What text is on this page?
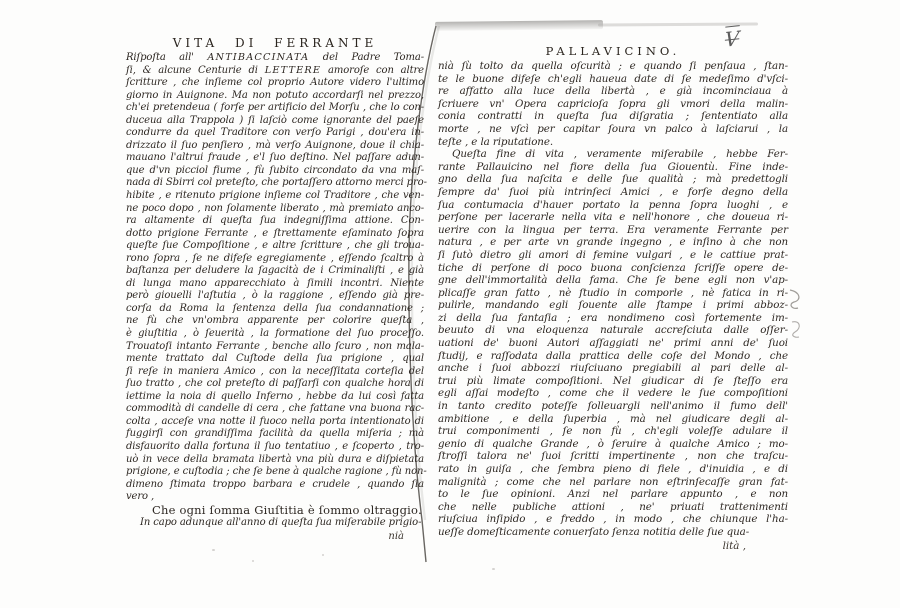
V
VITA DI FERRANTE
Riſpoſta all' ANTIBACCINATA del Padre Toma-
ſi, & alcune Centurie di LETTERE amoroſe con altre
ſcritture , che inſieme col proprio Autore videro l'ultimo
giorno in Auignone. Ma non potuto accordarſi nel prezzo,
ch'ei pretendeua ( forſe per artificio del Morſu , che lo con-
duceua alla Trappola ) ſi laſciò come ignorante del paeſe
condurre da quel Traditore con verſo Parigi , dou'era in-
drizzato il ſuo penſiero , mà verſo Auignone, doue il chia-
mauano l'altrui fraude , e'l ſuo deſtino. Nel paſſare adun-
que d'vn picciol fiume , fù ſubito circondato da vna maſ-
nada di Sbirri col preteſto, che portaſſero attorno merci pro-
hibite , e ritenuto prigione inſieme col Traditore , che ven-
ne poco dopo , non ſolamente liberato , mà premiato anco-
ra altamente di queſta ſua indegniſſima attione. Con-
dotto prigione Ferrante , e ſtrettamente eſaminato ſopra
queſte ſue Compoſitione , e altre ſcritture , che gli troua-
rono ſopra , ſe ne difeſe egregiamente , eſſendo ſcaltro à
baſtanza per deludere la ſagacità de i Criminaliſti , e già
di lunga mano apparecchiato à ſimili incontri. Niente
però giouelli l'aſtutia , ò la raggione , eſſendo già pre-
corſa da Roma la ſentenza della ſua condannatione ;
ne fù che vn'ombra apparente per colorire queſta ,
è giuſtitia , ò ſeuerità , la formatione del ſuo proceſſo.
Trouatoſi intanto Ferrante , benche allo ſcuro , non mala-
mente trattato dal Cuſtode della ſua prigione , qual
ſi reſe in maniera Amico , con la neceſſitata corteſia del
ſuo tratto , che col preteſto di paſſarſi con qualche hora di
iettime la noia di quello Inferno , hebbe da lui così fatta
commodità di candelle di cera , che fattane vna buona rac-
colta , acceſe vna notte il fuoco nella porta intentionato di
fuggirſi con grandiſſima facilità da quella miſeria ; mà
disfauorito dalla fortuna il ſuo tentatiuo , e ſcoperto , tro-
uò in vece della bramata libertà vna più dura e diſpietata
prigione, e cuſtodia ; che ſe bene à qualche ragione , fù non-
dimeno ſtimata troppo barbara e crudele , quando ſia
vero ,
Che ogni ſomma Giuſtitia è ſommo oltraggio.
In capo adunque all'anno di queſta ſua miſerabile prigio-
nià
PALLAVICINO.
nià ſù tolto da quella oſcurità ; e quando ſi penſaua , ſtan-
te le buone difeſe ch'egli haueua date di ſe medeſimo d'vſci-
re affatto alla luce della libertà , e già incominciaua à
ſcriuere vn' Opera capricioſa ſopra gli vmori della malin-
conia contratti in queſta ſua diſgratia ; ſententiato alla
morte , ne vſcì per capitar ſoura vn palco à laſciarui , la
teſte , e la riputatione.
Queſta fine di vita , veramente miſerabile , hebbe Fer-
rante Pallauicino nel fiore della ſua Giouentù. Fine inde-
gno della ſua naſcita e delle ſue qualità ; mà predettogli
ſempre da' ſuoi più intrinſeci Amici , e forſe degno della
ſua contumacia d'hauer portato la penna ſopra luoghi , e
perſone per lacerarle nella vita e nell'honore , che doueua ri-
uerire con la lingua per terra. Era veramente Ferrante per
natura , e per arte vn grande ingegno , e inſino à che non
ſi ſutò dietro gli amori di femine vulgari , e le cattiue prat-
tiche di perſone di poco buona conſcienza ſcriſſe opere de-
gne dell'immortalità della fama. Che ſe bene egli non v'ap-
plicaſſe gran fatto , nè ſtudio in comporle , nè fatica in ri-
pulirle, mandando egli ſouente alle ſtampe i primi abboz-
zi della ſua fantaſia ; era nondimeno così fortemente im-
beuuto di vna eloquenza naturale accreſciuta dalle oſſer-
uationi de' buoni Autori aſſaggiati ne' primi anni de' ſuoi
ſtudij, e raſſodata dalla prattica delle coſe del Mondo , che
anche i ſuoi abbozzi riuſciuano pregiabili al pari delle al-
trui più limate compoſitioni. Nel giudicar di ſe ſteſſo era
egli aſſai modeſto , come che il vedere le ſue compoſitioni
in tanto credito poteſſe ſolleuargli nell'animo il fumo dell'
ambitione , e della ſuperbia , mà nel giudicare degli al-
trui componimenti , ſe non fù , ch'egli voleſſe adulare il
genio di qualche Grande , ò ſeruire à qualche Amico ; mo-
ſtroſſi talora ne' ſuoi ſcritti impertinente , non che traſcu-
rato in guiſa , che ſembra pieno di fiele , d'inuidia , e di
malignità ; come che nel parlare non eſtrinſecaſſe gran fat-
to le ſue opinioni. Anzi nel parlare appunto , e non
che nelle publiche attioni , ne' priuati trattenimenti
riuſciua inſipido , e freddo , in modo , che chiunque l'ha-
ueſſe domeſticamente conuerſato ſenza notitia delle ſue qua-
lità ,
